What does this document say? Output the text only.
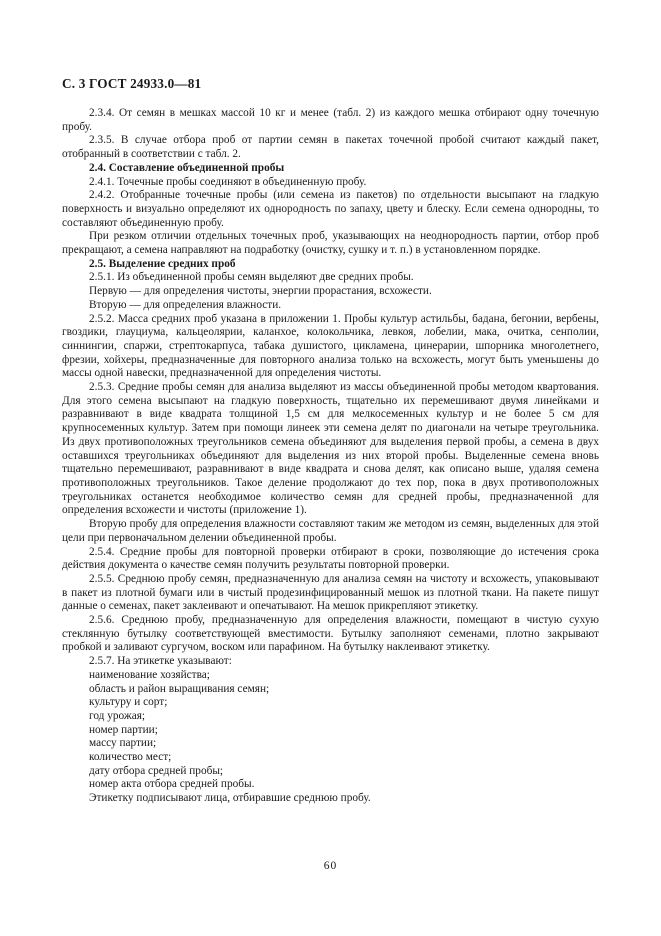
С. 3 ГОСТ 24933.0—81

2.3.4. От семян в мешках массой 10 кг и менее (табл. 2) из каждого мешка отбирают одну точечную пробу.

2.3.5. В случае отбора проб от партии семян в пакетах точечной пробой считают каждый пакет, отобранный в соответствии с табл. 2.

2.4. Составление объединенной пробы

2.4.1. Точечные пробы соединяют в объединенную пробу.

2.4.2. Отобранные точечные пробы (или семена из пакетов) по отдельности высыпают на гладкую поверхность и визуально определяют их однородность по запаху, цвету и блеску. Если семена однородны, то составляют объединенную пробу.

При резком отличии отдельных точечных проб, указывающих на неоднородность партии, отбор проб прекращают, а семена направляют на подработку (очистку, сушку и т. п.) в установленном порядке.

2.5. Выделение средних проб

2.5.1. Из объединенной пробы семян выделяют две средних пробы.

Первую — для определения чистоты, энергии прорастания, всхожести.

Вторую — для определения влажности.

2.5.2. Масса средних проб указана в приложении 1. Пробы культур астильбы, бадана, бегонии, вербены, гвоздики, глауциума, кальцеолярии, каланхое, колокольчика, левкоя, лобелии, мака, очитка, сенполии, синнингии, спаржи, стрептокарпуса, табака душистого, цикламена, цинерарии, шпорника многолетнего, фрезии, хойхеры, предназначенные для повторного анализа только на всхожесть, могут быть уменьшены до массы одной навески, предназначенной для определения чистоты.

2.5.3. Средние пробы семян для анализа выделяют из массы объединенной пробы методом квартования. Для этого семена высыпают на гладкую поверхность, тщательно их перемешивают двумя линейками и разравнивают в виде квадрата толщиной 1,5 см для мелкосеменных культур и не более 5 см для крупносеменных культур. Затем при помощи линеек эти семена делят по диагонали на четыре треугольника. Из двух противоположных треугольников семена объединяют для выделения первой пробы, а семена в двух оставшихся треугольниках объединяют для выделения из них второй пробы. Выделенные семена вновь тщательно перемешивают, разравнивают в виде квадрата и снова делят, как описано выше, удаляя семена противоположных треугольников. Такое деление продолжают до тех пор, пока в двух противоположных треугольниках останется необходимое количество семян для средней пробы, предназначенной для определения всхожести и чистоты (приложение 1).

Вторую пробу для определения влажности составляют таким же методом из семян, выделенных для этой цели при первоначальном делении объединенной пробы.

2.5.4. Средние пробы для повторной проверки отбирают в сроки, позволяющие до истечения срока действия документа о качестве семян получить результаты повторной проверки.

2.5.5. Среднюю пробу семян, предназначенную для анализа семян на чистоту и всхожесть, упаковывают в пакет из плотной бумаги или в чистый продезинфицированный мешок из плотной ткани. На пакете пишут данные о семенах, пакет заклеивают и опечатывают. На мешок прикрепляют этикетку.

2.5.6. Среднюю пробу, предназначенную для определения влажности, помещают в чистую сухую стеклянную бутылку соответствующей вместимости. Бутылку заполняют семенами, плотно закрывают пробкой и заливают сургучом, воском или парафином. На бутылку наклеивают этикетку.

2.5.7. На этикетке указывают:

наименование хозяйства;

область и район выращивания семян;

культуру и сорт;

год урожая;

номер партии;

массу партии;

количество мест;

дату отбора средней пробы;

номер акта отбора средней пробы.

Этикетку подписывают лица, отбиравшие среднюю пробу.

60
